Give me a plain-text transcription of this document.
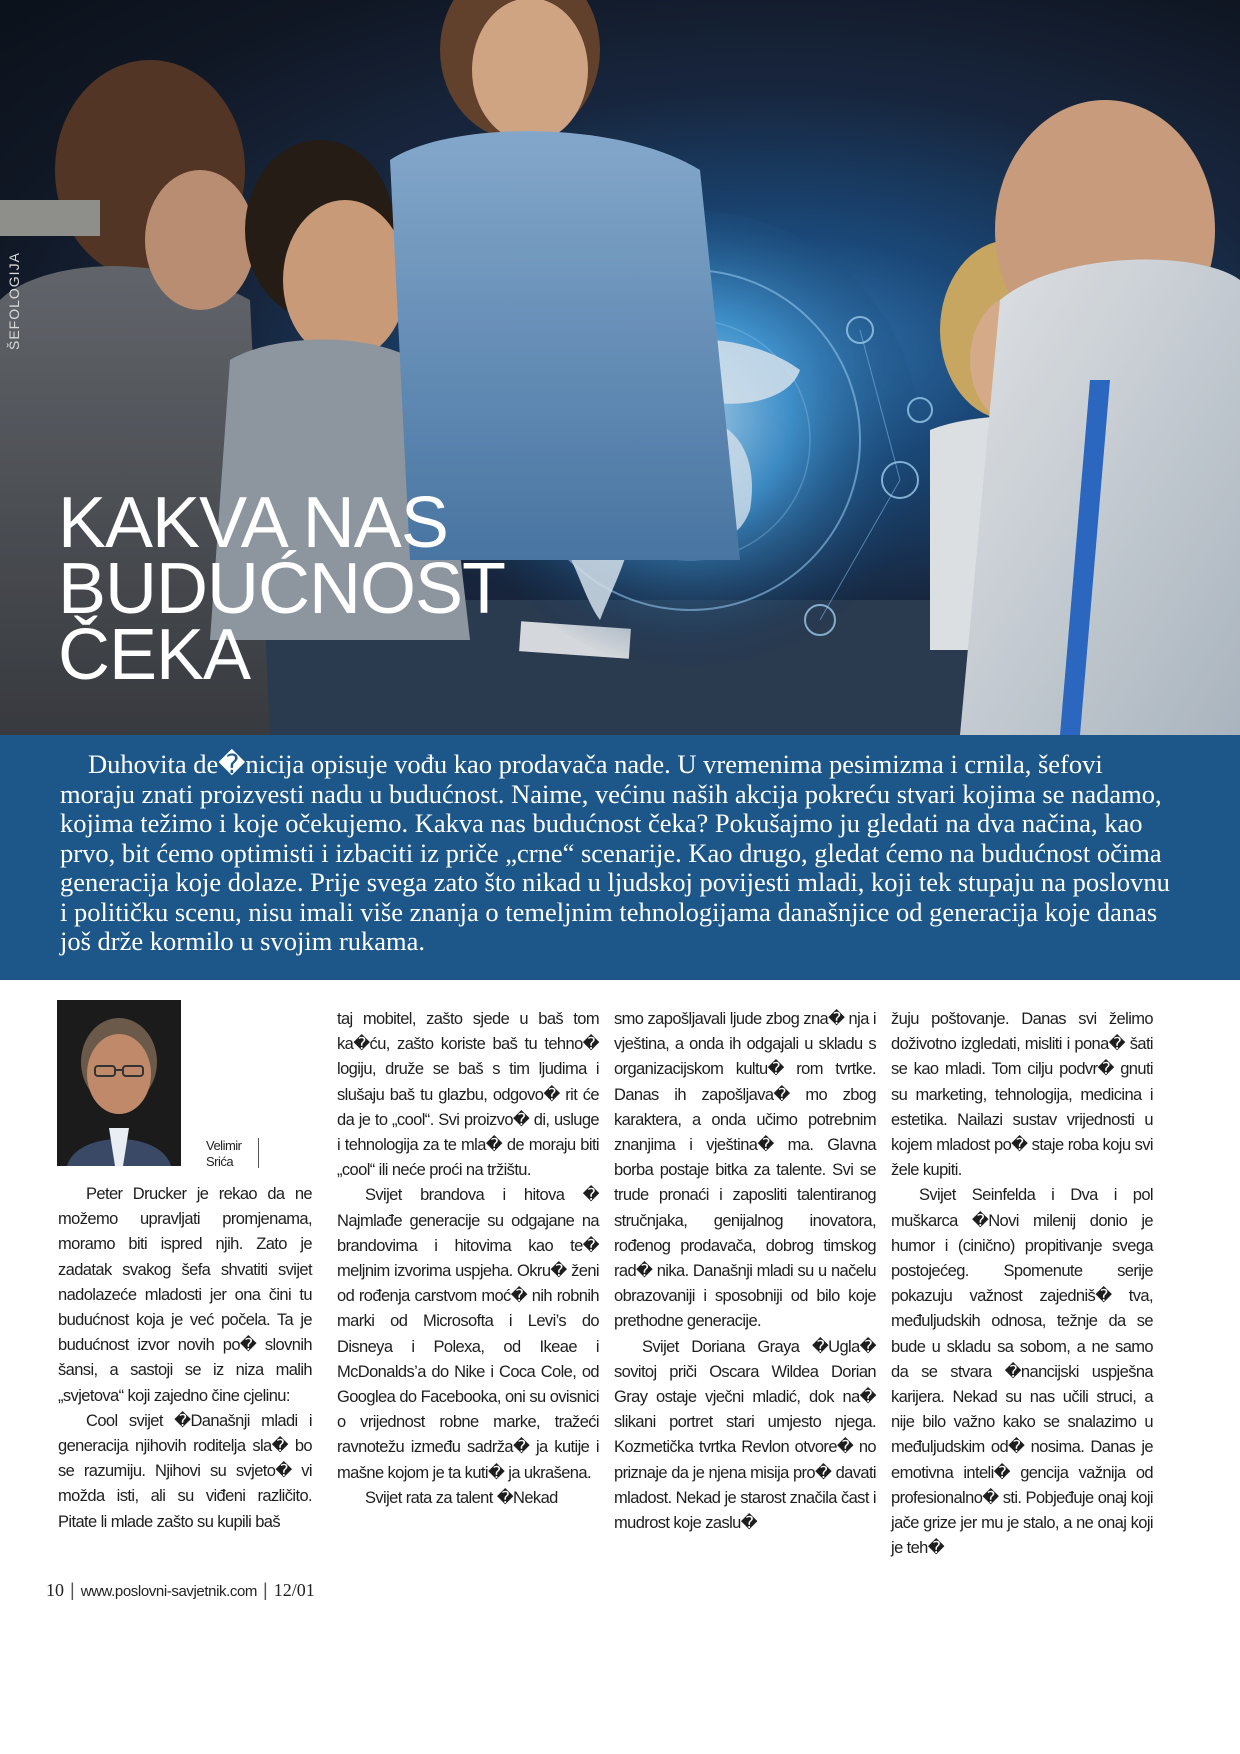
ŠEFOLOGIJA
KAKVA NAS
BUDUĆNOST
ČEKA

Duhovita de�nicija opisuje vođu kao prodavača nade. U vremenima pesimizma i crnila, šefovi moraju znati proizvesti nadu u budućnost. Naime, većinu naših akcija pokreću stvari kojima se nadamo, kojima težimo i koje očekujemo. Kakva nas budućnost čeka? Pokušajmo ju gledati na dva načina, kao prvo, bit ćemo optimisti i izbaciti iz priče „crne“ scenarije. Kao drugo, gledat ćemo na budućnost očima generacija koje dolaze. Prije svega zato što nikad u ljudskoj povijesti mladi, koji tek stupaju na poslovnu i političku scenu, nisu imali više znanja o temeljnim tehnologijama današnjice od generacija koje danas još drže kormilo u svojim rukama.

Velimir
Srića

Peter Drucker je rekao da ne možemo upravljati promjenama, moramo biti ispred njih. Zato je zadatak svakog šefa shvatiti svijet nadolazeće mladosti jer ona čini tu budućnost koja je već počela. Ta je budućnost izvor novih po� slovnih šansi, a sastoji se iz niza malih „svjetova“ koji zajedno čine cjelinu:

Cool svijet �Današnji mladi i generacija njihovih roditelja sla� bo se razumiju. Njihovi su svjeto� vi možda isti, ali su viđeni različito. Pitate li mlade zašto su kupili baš

taj mobitel, zašto sjede u baš tom ka�ću, zašto koriste baš tu tehno� logiju, druže se baš s tim ljudima i slušaju baš tu glazbu, odgovo� rit će da je to „cool“. Svi proizvo� di, usluge i tehnologija za te mla� de moraju biti „cool“ ili neće proći na tržištu.

Svijet brandova i hitova � Najmlađe generacije su odgajane na brandovima i hitovima kao te� meljnim izvorima uspjeha. Okru� ženi od rođenja carstvom moć� nih robnih marki od Microsofta i Levi’s do Disneya i Polexa, od Ikeae i McDonalds’a do Nike i Coca Cole, od Googlea do Facebooka, oni su ovisnici o vrijednost robne marke, tražeći ravnotežu između sadrža� ja kutije i mašne kojom je ta kuti� ja ukrašena.

Svijet rata za talent �Nekad

smo zapošljavali ljude zbog zna� nja i vještina, a onda ih odgajali u skladu s organizacijskom kultu� rom tvrtke. Danas ih zapošljava� mo zbog karaktera, a onda učimo potrebnim znanjima i vještina� ma. Glavna borba postaje bitka za talente. Svi se trude pronaći i zaposliti talentiranog stručnjaka, genijalnog inovatora, rođenog prodavača, dobrog timskog rad� nika. Današnji mladi su u načelu obrazovaniji i sposobniji od bilo koje prethodne generacije.

Svijet Doriana Graya �Ugla� sovitoj priči Oscara Wildea Dorian Gray ostaje vječni mladić, dok na� slikani portret stari umjesto njega. Kozmetička tvrtka Revlon otvore� no priznaje da je njena misija pro� davati mladost. Nekad je starost značila čast i mudrost koje zaslu�

žuju poštovanje. Danas svi želimo doživotno izgledati, misliti i pona� šati se kao mladi. Tom cilju podvr� gnuti su marketing, tehnologija, medicina i estetika. Nailazi sustav vrijednosti u kojem mladost po� staje roba koju svi žele kupiti.

Svijet Seinfelda i Dva i pol muškarca �Novi milenij donio je humor i (cinično) propitivanje svega postojećeg. Spomenute serije pokazuju važnost zajedniš� tva, međuljudskih odnosa, težnje da se bude u skladu sa sobom, a ne samo da se stvara �nancijski uspješna karijera. Nekad su nas učili struci, a nije bilo važno kako se snalazimo u međuljudskim od� nosima. Danas je emotivna inteli� gencija važnija od profesionalno� sti. Pobjeđuje onaj koji jače grize jer mu je stalo, a ne onaj koji je teh�

10 | www.poslovni-savjetnik.com | 12/01
